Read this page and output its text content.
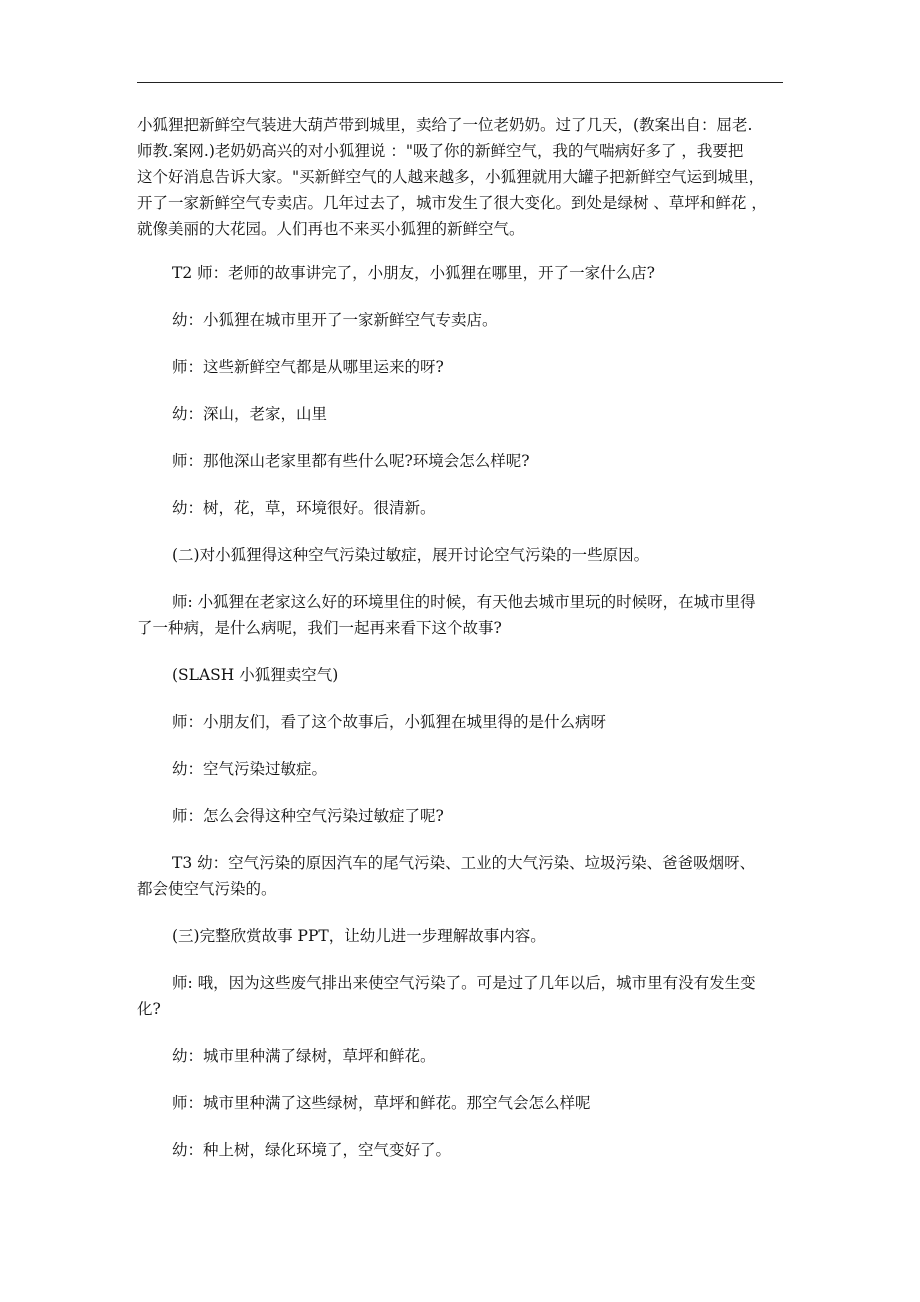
小狐狸把新鲜空气装进大葫芦带到城里，卖给了一位老奶奶。过了几天，(教案出自：屈老.
师教.案网.)老奶奶高兴的对小狐狸说 ："吸了你的新鲜空气，我的气喘病好多了 ，我要把
这个好消息告诉大家。"买新鲜空气的人越来越多，小狐狸就用大罐子把新鲜空气运到城里，
开了一家新鲜空气专卖店。几年过去了，城市发生了很大变化。到处是绿树 、草坪和鲜花 ，
就像美丽的大花园。人们再也不来买小狐狸的新鲜空气。
T2 师：老师的故事讲完了，小朋友，小狐狸在哪里，开了一家什么店?
幼：小狐狸在城市里开了一家新鲜空气专卖店。
师：这些新鲜空气都是从哪里运来的呀?
幼：深山，老家，山里
师：那他深山老家里都有些什么呢?环境会怎么样呢?
幼：树，花，草，环境很好。很清新。
(二)对小狐狸得这种空气污染过敏症，展开讨论空气污染的一些原因。
师: 小狐狸在老家这么好的环境里住的时候，有天他去城市里玩的时候呀，在城市里得
了一种病，是什么病呢，我们一起再来看下这个故事?
(SLASH 小狐狸卖空气)
师：小朋友们，看了这个故事后，小狐狸在城里得的是什么病呀
幼：空气污染过敏症。
师：怎么会得这种空气污染过敏症了呢?
T3 幼：空气污染的原因汽车的尾气污染、工业的大气污染、垃圾污染、爸爸吸烟呀、
都会使空气污染的。
(三)完整欣赏故事 PPT，让幼儿进一步理解故事内容。
师: 哦，因为这些废气排出来使空气污染了。可是过了几年以后，城市里有没有发生变
化?
幼：城市里种满了绿树，草坪和鲜花。
师：城市里种满了这些绿树，草坪和鲜花。那空气会怎么样呢
幼：种上树，绿化环境了，空气变好了。
